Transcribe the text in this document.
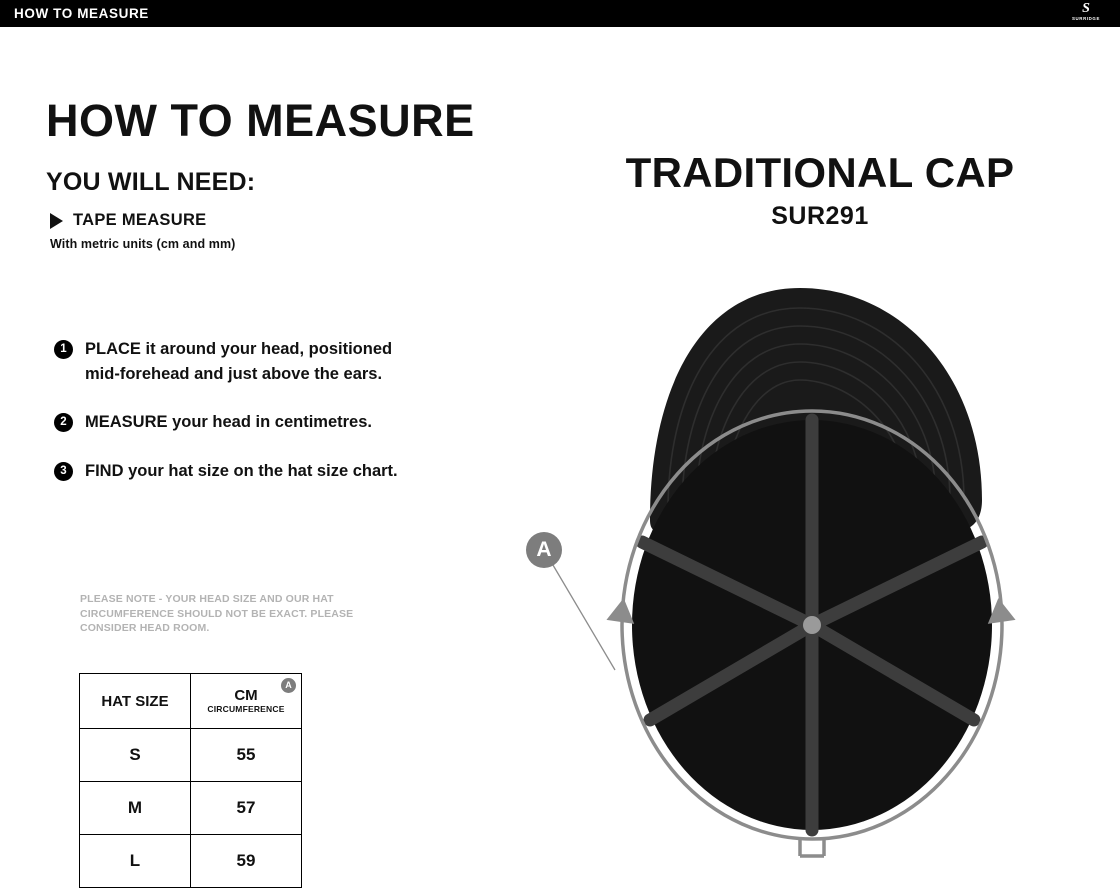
HOW TO MEASURE	S
SURRIDGE
HOW TO MEASURE
YOU WILL NEED:
TAPE MEASURE
With metric units (cm and mm)
1	PLACE it around your head, positioned mid-forehead and just above the ears.
2	MEASURE your head in centimetres.
3	FIND your hat size on the hat size chart.
PLEASE NOTE - YOUR HEAD SIZE AND OUR HAT CIRCUMFERENCE SHOULD NOT BE EXACT. PLEASE CONSIDER HEAD ROOM.
HAT SIZE	CM
CIRCUMFERENCE
A

S	55
M	57
L	59
TRADITIONAL CAP
SUR291
A
